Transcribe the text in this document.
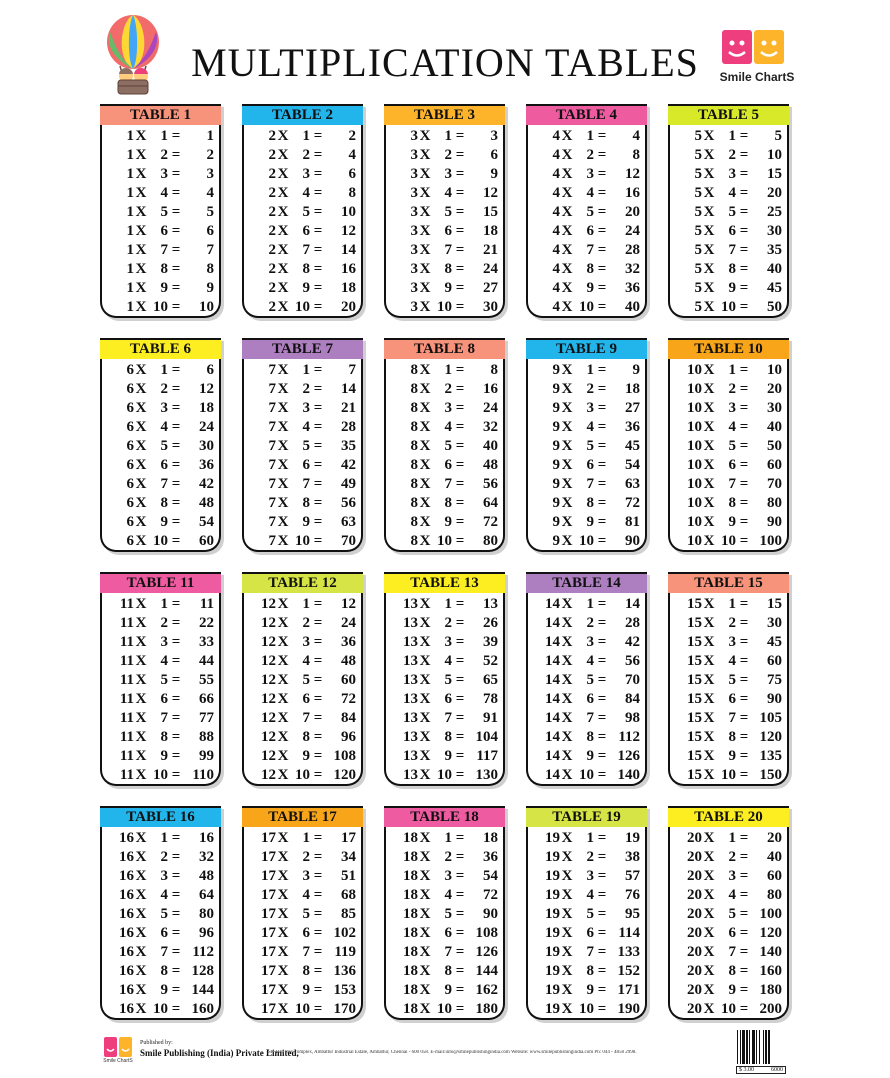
MULTIPLICATION TABLES	Smile ChartS
TABLE 1
1 X 1 =	1
1 X 2 =	2
1 X 3 =	3
1 X 4 =	4
1 X 5 =	5
1 X 6 =	6
1 X 7 =	7
1 X 8 =	8
1 X 9 =	9
1 X 10 =	10
TABLE 2
2 X 1 =	2
2 X 2 =	4
2 X 3 =	6
2 X 4 =	8
2 X 5 =	10
2 X 6 =	12
2 X 7 =	14
2 X 8 =	16
2 X 9 =	18
2 X 10 =	20
TABLE 3
3 X 1 =	3
3 X 2 =	6
3 X 3 =	9
3 X 4 =	12
3 X 5 =	15
3 X 6 =	18
3 X 7 =	21
3 X 8 =	24
3 X 9 =	27
3 X 10 =	30
TABLE 4
4 X 1 =	4
4 X 2 =	8
4 X 3 =	12
4 X 4 =	16
4 X 5 =	20
4 X 6 =	24
4 X 7 =	28
4 X 8 =	32
4 X 9 =	36
4 X 10 =	40
TABLE 5
5 X 1 =	5
5 X 2 =	10
5 X 3 =	15
5 X 4 =	20
5 X 5 =	25
5 X 6 =	30
5 X 7 =	35
5 X 8 =	40
5 X 9 =	45
5 X 10 =	50
TABLE 6
6 X 1 =	6
6 X 2 =	12
6 X 3 =	18
6 X 4 =	24
6 X 5 =	30
6 X 6 =	36
6 X 7 =	42
6 X 8 =	48
6 X 9 =	54
6 X 10 =	60
TABLE 7
7 X 1 =	7
7 X 2 =	14
7 X 3 =	21
7 X 4 =	28
7 X 5 =	35
7 X 6 =	42
7 X 7 =	49
7 X 8 =	56
7 X 9 =	63
7 X 10 =	70
TABLE 8
8 X 1 =	8
8 X 2 =	16
8 X 3 =	24
8 X 4 =	32
8 X 5 =	40
8 X 6 =	48
8 X 7 =	56
8 X 8 =	64
8 X 9 =	72
8 X 10 =	80
TABLE 9
9 X 1 =	9
9 X 2 =	18
9 X 3 =	27
9 X 4 =	36
9 X 5 =	45
9 X 6 =	54
9 X 7 =	63
9 X 8 =	72
9 X 9 =	81
9 X 10 =	90
TABLE 10
10 X 1 =	10
10 X 2 =	20
10 X 3 =	30
10 X 4 =	40
10 X 5 =	50
10 X 6 =	60
10 X 7 =	70
10 X 8 =	80
10 X 9 =	90
10 X 10 = 100
TABLE 11
11 X 1 =	11
11 X 2 =	22
11 X 3 =	33
11 X 4 =	44
11 X 5 =	55
11 X 6 =	66
11 X 7 =	77
11 X 8 =	88
11 X 9 =	99
11 X 10 = 110
TABLE 12
12 X 1 =	12
12 X 2 =	24
12 X 3 =	36
12 X 4 =	48
12 X 5 =	60
12 X 6 =	72
12 X 7 =	84
12 X 8 =	96
12 X 9 = 108
12 X 10 = 120
TABLE 13
13 X 1 =	13
13 X 2 =	26
13 X 3 =	39
13 X 4 =	52
13 X 5 =	65
13 X 6 =	78
13 X 7 =	91
13 X 8 = 104
13 X 9 = 117
13 X 10 = 130
TABLE 14
14 X 1 =	14
14 X 2 =	28
14 X 3 =	42
14 X 4 =	56
14 X 5 =	70
14 X 6 =	84
14 X 7 =	98
14 X 8 = 112
14 X 9 = 126
14 X 10 = 140
TABLE 15
15 X 1 =	15
15 X 2 =	30
15 X 3 =	45
15 X 4 =	60
15 X 5 =	75
15 X 6 =	90
15 X 7 = 105
15 X 8 = 120
15 X 9 = 135
15 X 10 = 150
TABLE 16
16 X 1 =	16
16 X 2 =	32
16 X 3 =	48
16 X 4 =	64
16 X 5 =	80
16 X 6 =	96
16 X 7 = 112
16 X 8 = 128
16 X 9 = 144
16 X 10 = 160
TABLE 17
17 X 1 =	17
17 X 2 =	34
17 X 3 =	51
17 X 4 =	68
17 X 5 =	85
17 X 6 = 102
17 X 7 = 119
17 X 8 = 136
17 X 9 = 153
17 X 10 = 170
TABLE 18
18 X 1 =	18
18 X 2 =	36
18 X 3 =	54
18 X 4 =	72
18 X 5 =	90
18 X 6 = 108
18 X 7 = 126
18 X 8 = 144
18 X 9 = 162
18 X 10 = 180
TABLE 19
19 X 1 =	19
19 X 2 =	38
19 X 3 =	57
19 X 4 =	76
19 X 5 =	95
19 X 6 = 114
19 X 7 = 133
19 X 8 = 152
19 X 9 = 171
19 X 10 = 190
TABLE 20
20 X 1 =	20
20 X 2 =	40
20 X 3 =	60
20 X 4 =	80
20 X 5 = 100
20 X 6 = 120
20 X 7 = 140
20 X 8 = 160
20 X 9 = 180
20 X 10 = 200
Smile ChartS
Published by:
Smile Publishing (India) Private Limited,
SP-118, Dev complex, Ambattur Industrial Estate, Ambattur, Chennai - 600 058. E-mail:info@smilepublishingindia.com Website: www.smilepublishingindia.com Ph: 044 - 4858 2998.
$ 3.00	6000
